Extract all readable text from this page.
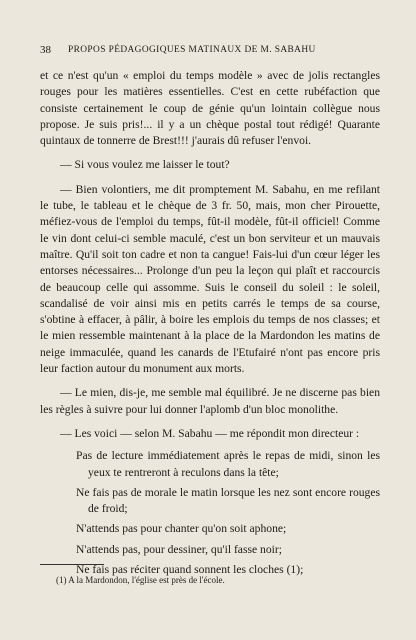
38 PROPOS PÉDAGOGIQUES MATINAUX DE M. SABAHU

et ce n'est qu'un « emploi du temps modèle » avec de jolis rectangles rouges pour les matières essentielles. C'est en cette rubéfaction que consiste certainement le coup de génie qu'un lointain collègue nous propose. Je suis pris!... il y a un chèque postal tout rédigé! Quarante quintaux de tonnerre de Brest!!! j'aurais dû refuser l'envoi.

— Si vous voulez me laisser le tout?

— Bien volontiers, me dit promptement M. Sabahu, en me refilant le tube, le tableau et le chèque de 3 fr. 50, mais, mon cher Pirouette, méfiez-vous de l'emploi du temps, fût-il modèle, fût-il officiel! Comme le vin dont celui-ci semble maculé, c'est un bon serviteur et un mauvais maître. Qu'il soit ton cadre et non ta cangue! Fais-lui d'un cœur léger les entorses nécessaires... Prolonge d'un peu la leçon qui plaît et raccourcis de beaucoup celle qui assomme. Suis le conseil du soleil : le soleil, scandalisé de voir ainsi mis en petits carrés le temps de sa course, s'obtine à effacer, à pâlir, à boire les emplois du temps de nos classes; et le mien ressemble maintenant à la place de la Mardondon les matins de neige immaculée, quand les canards de l'Etufairé n'ont pas encore pris leur faction autour du monument aux morts.

— Le mien, dis-je, me semble mal équilibré. Je ne discerne pas bien les règles à suivre pour lui donner l'aplomb d'un bloc monolithe.

— Les voici — selon M. Sabahu — me répondit mon directeur :

Pas de lecture immédiatement après le repas de midi, sinon les yeux te rentreront à reculons dans la tête;

Ne fais pas de morale le matin lorsque les nez sont encore rouges de froid;

N'attends pas pour chanter qu'on soit aphone;

N'attends pas, pour dessiner, qu'il fasse noir;

Ne fais pas réciter quand sonnent les cloches (1);

(1) A la Mardondon, l'église est près de l'école.
